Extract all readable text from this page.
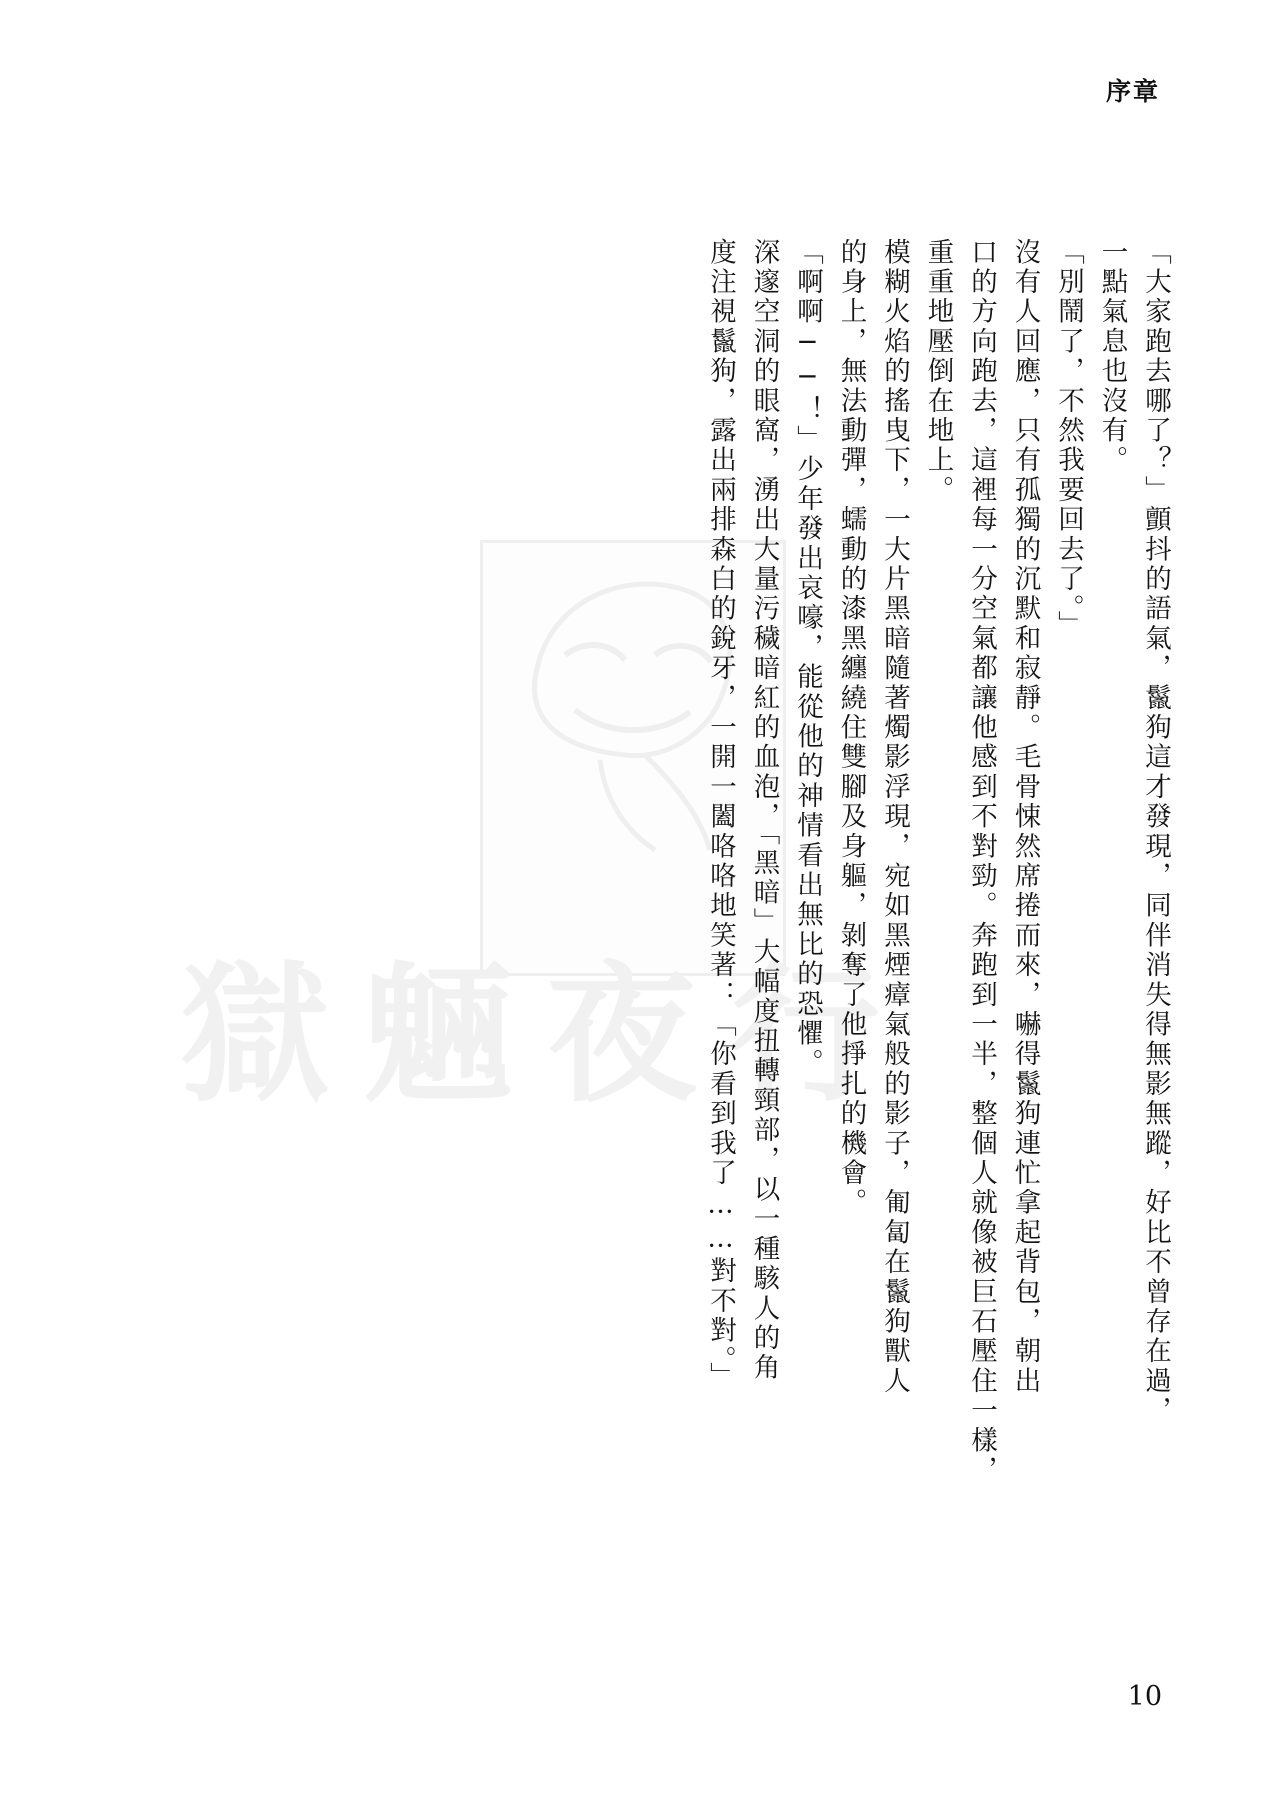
序章
獄 魎 夜 行
度注視鬣狗，露出兩排森白的銳牙，一開一闔咯咯地笑著：「你看到我了……對不對。」 深邃空洞的眼窩，湧出大量污穢暗紅的血泡，「黑暗」大幅度扭轉頸部，以一種駭人的角 「啊啊──！」少年發出哀嚎，能從他的神情看出無比的恐懼。 的身上，無法動彈，蠕動的漆黑纏繞住雙腳及身軀，剝奪了他掙扎的機會。 模糊火焰的搖曳下，一大片黑暗隨著燭影浮現，宛如黑煙瘴氣般的影子，匍匐在鬣狗獸人 重重地壓倒在地上。 口的方向跑去，這裡每一分空氣都讓他感到不對勁。奔跑到一半，整個人就像被巨石壓住一樣， 沒有人回應，只有孤獨的沉默和寂靜。毛骨悚然席捲而來，嚇得鬣狗連忙拿起背包，朝出 「別鬧了，不然我要回去了。」 一點氣息也沒有。 「大家跑去哪了？」顫抖的語氣，鬣狗這才發現，同伴消失得無影無蹤，好比不曾存在過，
10
